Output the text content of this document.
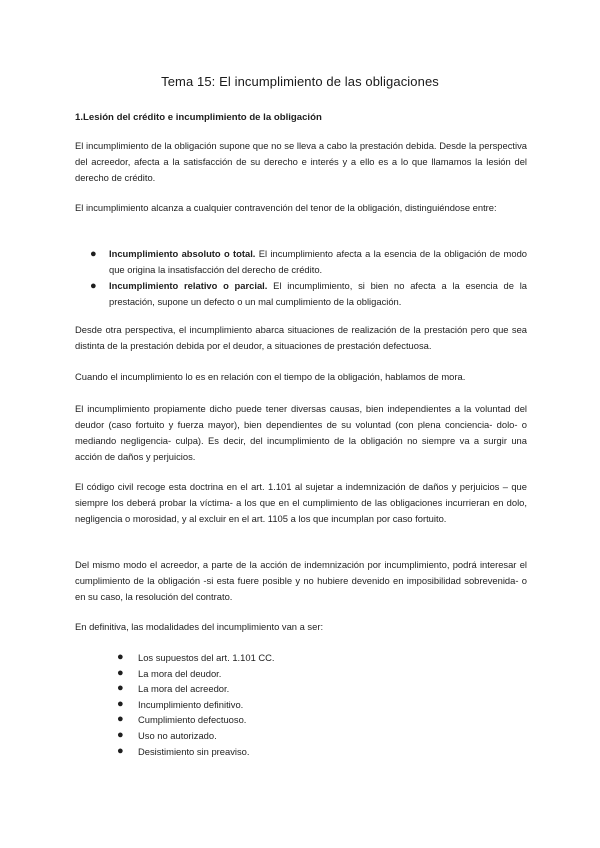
Tema 15: El incumplimiento de las obligaciones
1.Lesión del crédito e incumplimiento de la obligación

El incumplimiento de la obligación supone que no se lleva a cabo la prestación debida. Desde la perspectiva del acreedor, afecta a la satisfacción de su derecho e interés y a ello es a lo que llamamos la lesión del derecho de crédito.

El incumplimiento alcanza a cualquier contravención del tenor de la obligación, distinguiéndose entre:

● Incumplimiento absoluto o total. El incumplimiento afecta a la esencia de la obligación de modo que origina la insatisfacción del derecho de crédito.
● Incumplimiento relativo o parcial. El incumplimiento, si bien no afecta a la esencia de la prestación, supone un defecto o un mal cumplimiento de la obligación.

Desde otra perspectiva, el incumplimiento abarca situaciones de realización de la prestación pero que sea distinta de la prestación debida por el deudor, a situaciones de prestación defectuosa.

Cuando el incumplimiento lo es en relación con el tiempo de la obligación, hablamos de mora.

El incumplimiento propiamente dicho puede tener diversas causas, bien independientes a la voluntad del deudor (caso fortuito y fuerza mayor), bien dependientes de su voluntad (con plena conciencia- dolo- o mediando negligencia- culpa). Es decir, del incumplimiento de la obligación no siempre va a surgir una acción de daños y perjuicios.

El código civil recoge esta doctrina en el art. 1.101 al sujetar a indemnización de daños y perjuicios – que siempre los deberá probar la víctima- a los que en el cumplimiento de las obligaciones incurrieran en dolo, negligencia o morosidad, y al excluir en el art. 1105 a los que incumplan por caso fortuito.

Del mismo modo el acreedor, a parte de la acción de indemnización por incumplimiento, podrá interesar el cumplimiento de la obligación -si esta fuere posible y no hubiere devenido en imposibilidad sobrevenida- o en su caso, la resolución del contrato.

En definitiva, las modalidades del incumplimiento van a ser:

● Los supuestos del art. 1.101 CC.
● La mora del deudor.
● La mora del acreedor.
● Incumplimiento definitivo.
● Cumplimiento defectuoso.
● Uso no autorizado.
● Desistimiento sin preaviso.
